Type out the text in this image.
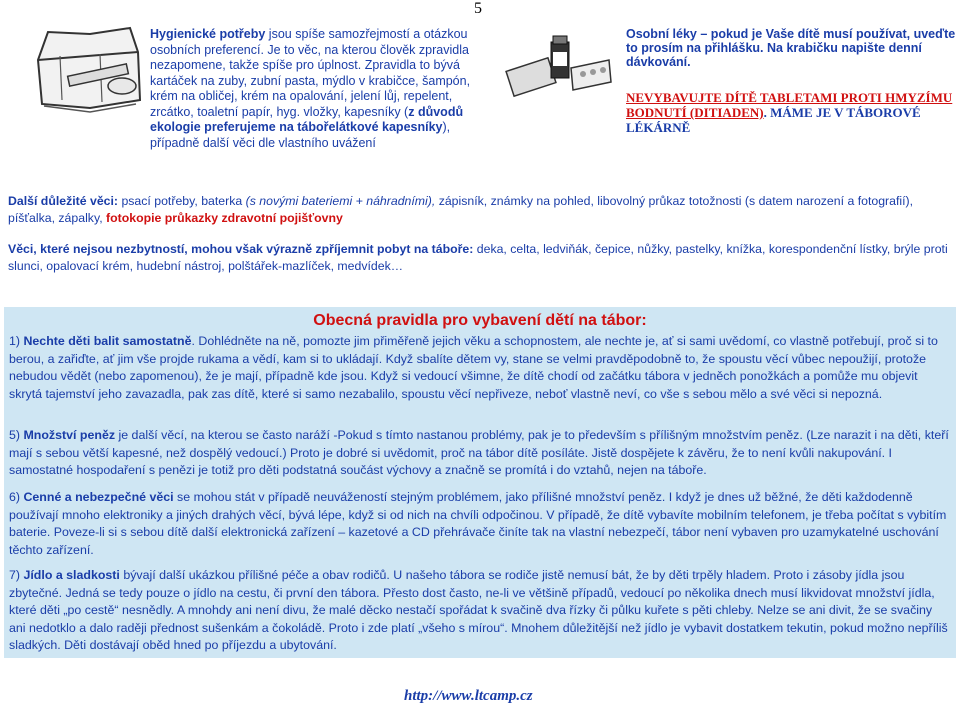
5
Hygienické potřeby jsou spíše samozřejmostí a otázkou osobních preferencí. Je to věc, na kterou člověk zpravidla nezapomene, takže spíše pro úplnost. Zpravidla to bývá kartáček na zuby, zubní pasta, mýdlo v krabičce, šampón, krém na obličej, krém na opalování, jelení lůj, repelent, zrcátko, toaletní papír, hyg. vložky, kapesníky (z důvodů ekologie preferujeme na tábořelátkové kapesníky), případně další věci dle vlastního uvážení
Osobní léky – pokud je Vaše dítě musí používat, uveďte to prosím na přihlášku. Na krabičku napište denní dávkování.
NEVYBAVUJTE DÍTĚ TABLETAMI PROTI HMYZÍMU BODNUTÍ (DITIADEN). MÁME JE V TÁBOROVÉ LÉKÁRNĚ
Další důležité věci: psací potřeby, baterka (s novými bateriemi + náhradními), zápisník, známky na pohled, libovolný průkaz totožnosti (s datem narození a fotografií), píšťalka, zápalky, fotokopie průkazky zdravotní pojišťovny
Věci, které nejsou nezbytností, mohou však výrazně zpříjemnit pobyt na táboře: deka, celta, ledviňák, čepice, nůžky, pastelky, knížka, korespondenční lístky, brýle proti slunci, opalovací krém, hudební nástroj, polštářek-mazlíček, medvídek…
Obecná pravidla pro vybavení dětí na tábor:

1) Nechte děti balit samostatně. Dohlédněte na ně, pomozte jim přiměřeně jejich věku a schopnostem, ale nechte je, ať si sami uvědomí, co vlastně potřebují, proč si to berou, a zařiďte, ať jim vše projde rukama a vědí, kam si to ukládají. Když sbalíte dětem vy, stane se velmi pravděpodobně to, že spoustu věcí vůbec nepoužijí, protože nebudou vědět (nebo zapomenou), že je mají, případně kde jsou. Když si vedoucí všimne, že dítě chodí od začátku tábora v jedněch ponožkách a pomůže mu objevit skrytá tajemství jeho zavazadla, pak zas dítě, které si samo nezabalilo, spoustu věcí nepřiveze, neboť vlastně neví, co vše s sebou mělo a své věci si nepozná.

5) Množství peněz je další věcí, na kterou se často naráží -Pokud s tímto nastanou problémy, pak je to především s přílišným množstvím peněz. (Lze narazit i na děti, kteří mají s sebou větší kapesné, než dospělý vedoucí.) Proto je dobré si uvědomit, proč na tábor dítě posíláte. Jistě dospějete k závěru, že to není kvůli nakupování. I samostatné hospodaření s penězi je totiž pro děti podstatná součást výchovy a značně se promítá i do vztahů, nejen na táboře.

6) Cenné a nebezpečné věci se mohou stát v případě neuvážeností stejným problémem, jako přílišné množství peněz. I když je dnes už běžné, že děti každodenně používají mnoho elektroniky a jiných drahých věcí, bývá lépe, když si od nich na chvíli odpočinou. V případě, že dítě vybavíte mobilním telefonem, je třeba počítat s vybitím baterie. Poveze-li si s sebou dítě další elektronická zařízení – kazetové a CD přehrávače činíte tak na vlastní nebezpečí, tábor není vybaven pro uzamykatelné uschování těchto zařízení.

7) Jídlo a sladkosti bývají další ukázkou přílišné péče a obav rodičů. U našeho tábora se rodiče jistě nemusí bát, že by děti trpěly hladem. Proto i zásoby jídla jsou zbytečné. Jedná se tedy pouze o jídlo na cestu, či první den tábora. Přesto dost často, ne-li ve většině případů, vedoucí po několika dnech musí likvidovat množství jídla, které děti „po cestě“ nesnědly. A mnohdy ani není divu, že malé děcko nestačí spořádat k svačině dva řízky či půlku kuřete s pěti chleby. Nelze se ani divit, že se svačiny ani nedotklo a dalo raději přednost sušenkám a čokoládě. Proto i zde platí „všeho s mírou“. Mnohem důležitější než jídlo je vybavit dostatkem tekutin, pokud možno nepříliš sladkých. Děti dostávají oběd hned po příjezdu a ubytování.

http://www.ltcamp.cz
